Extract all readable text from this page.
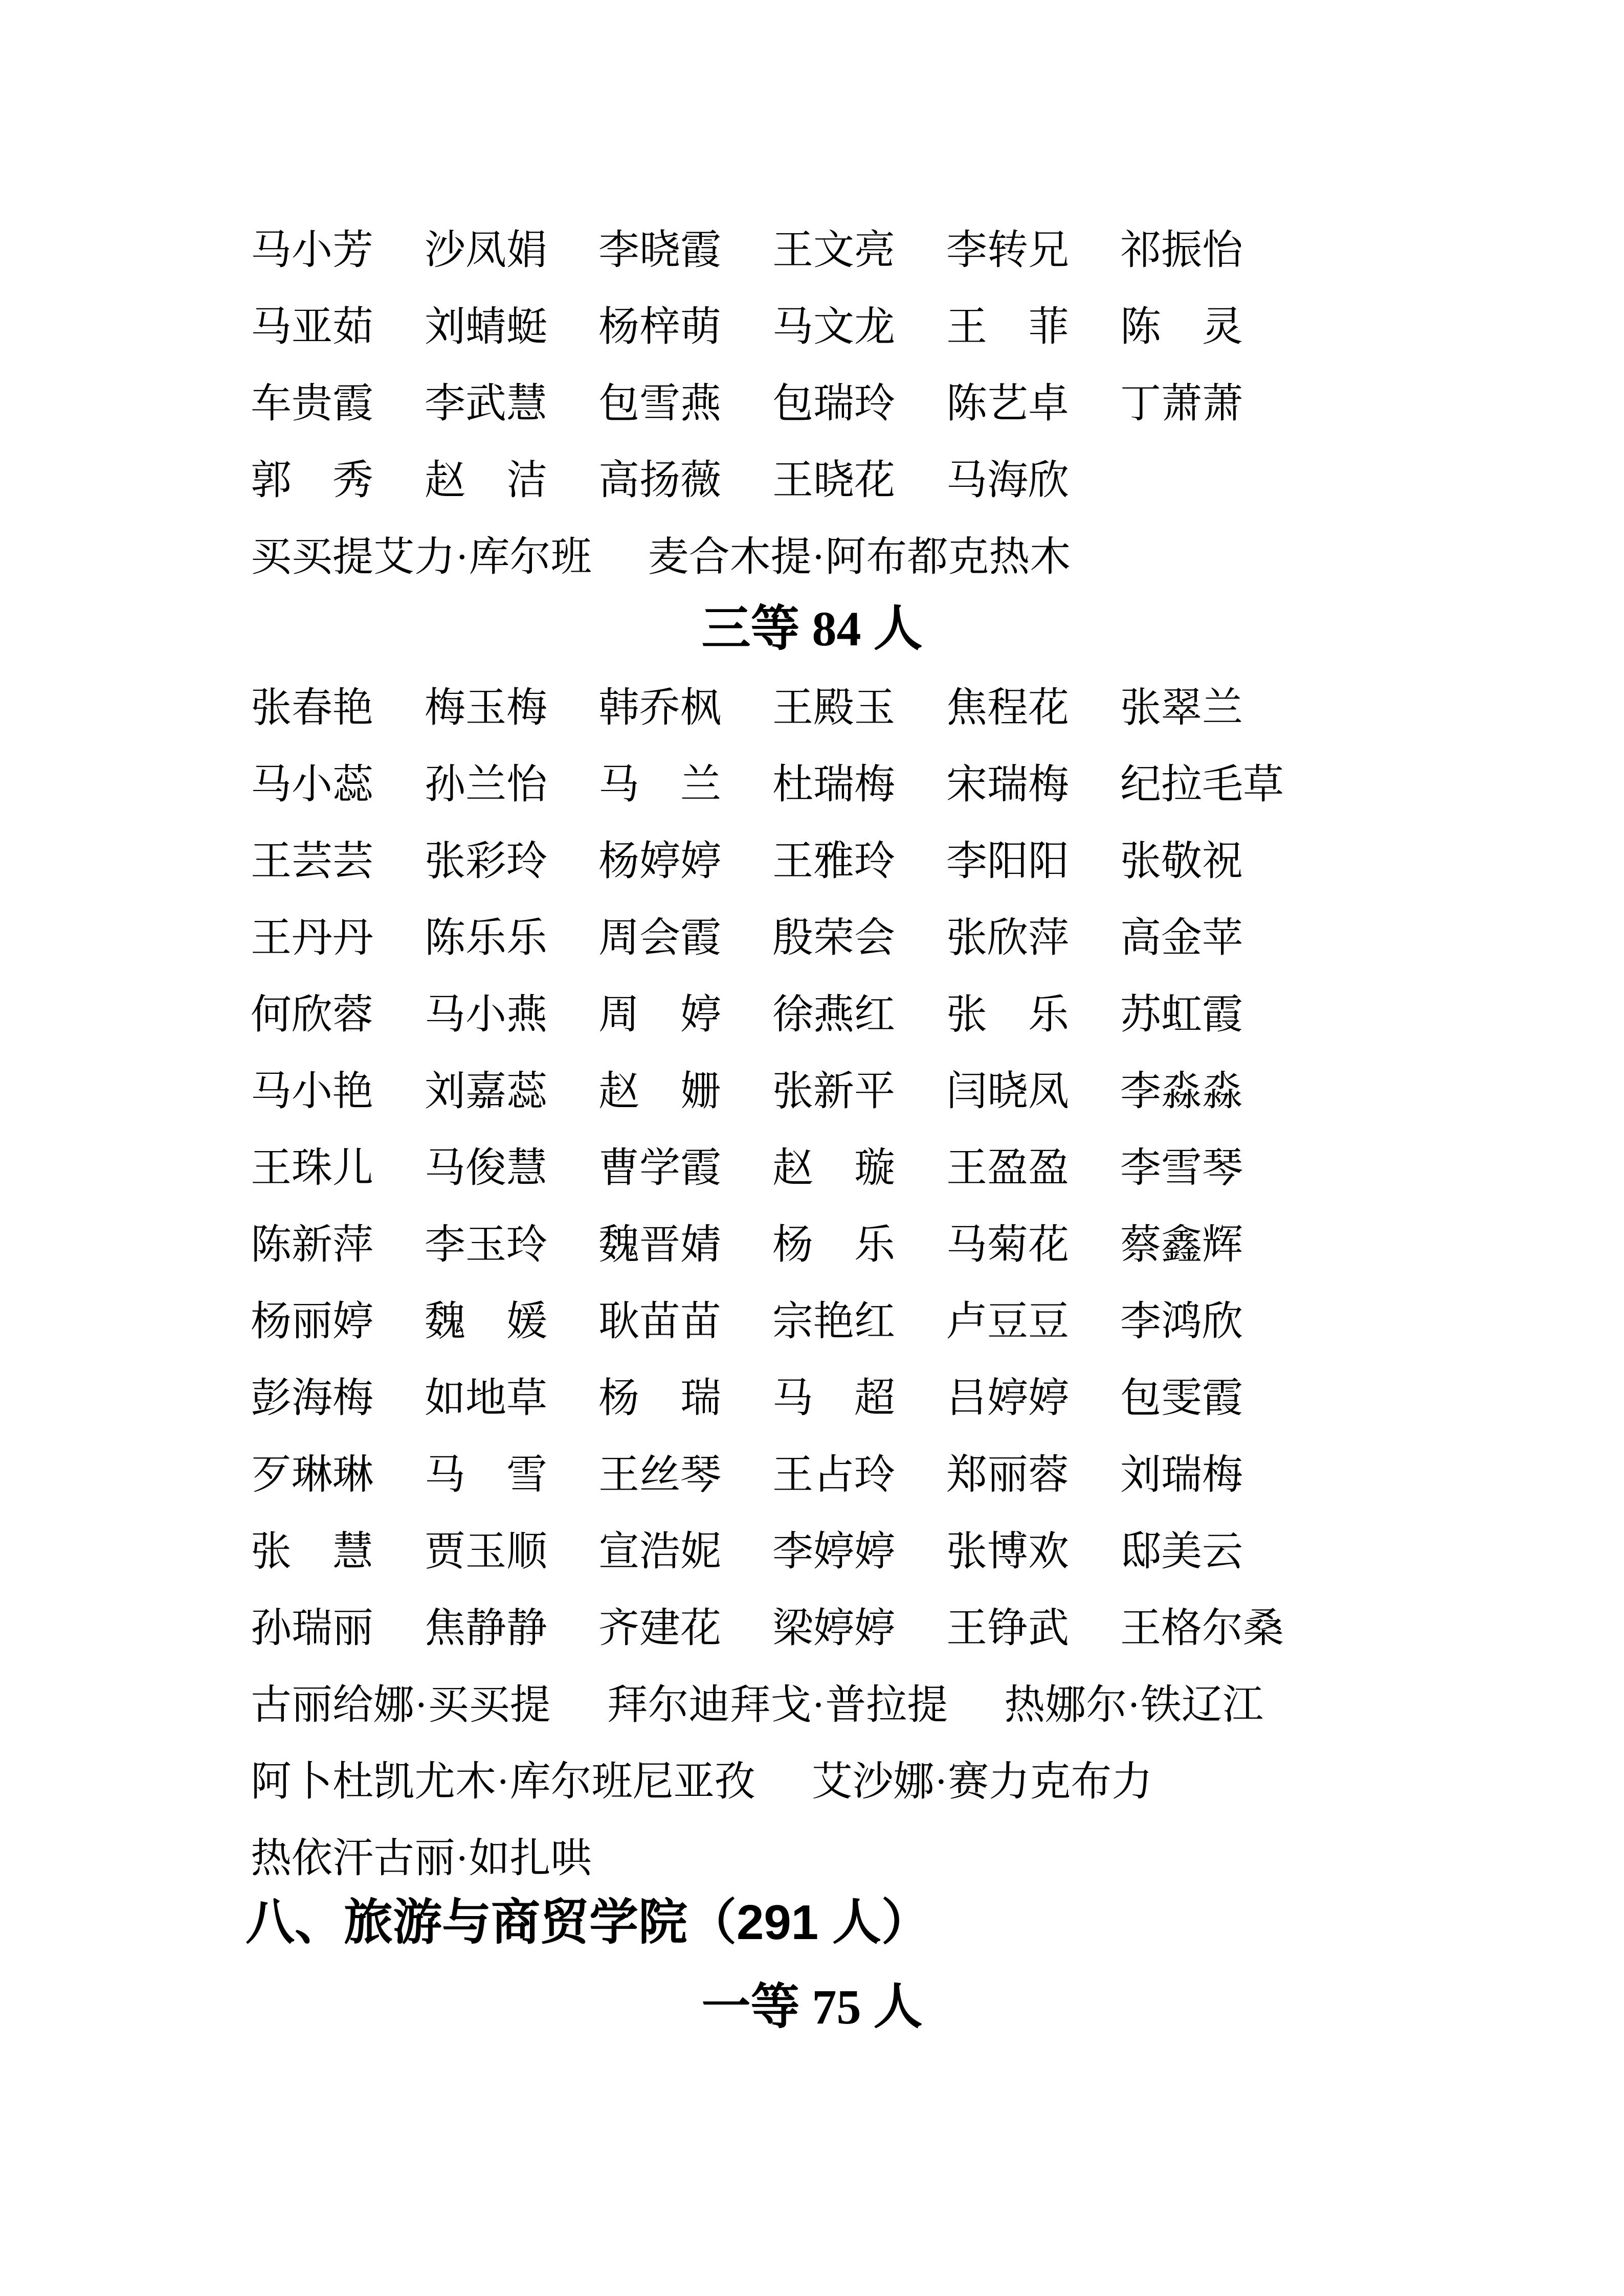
马小芳	沙凤娟	李晓霞	王文亮	李转兄	祁振怡
马亚茹	刘蜻蜓	杨梓萌	马文龙	王　菲	陈　灵
车贵霞	李武慧	包雪燕	包瑞玲	陈艺卓	丁萧萧
郭　秀	赵　洁	高扬薇	王晓花	马海欣
买买提艾力·库尔班 麦合木提·阿布都克热木
三等 84 人
张春艳	梅玉梅	韩乔枫	王殿玉	焦程花	张翠兰
马小蕊	孙兰怡	马　兰	杜瑞梅	宋瑞梅	纪拉毛草
王芸芸	张彩玲	杨婷婷	王雅玲	李阳阳	张敬祝
王丹丹	陈乐乐	周会霞	殷荣会	张欣萍	高金苹
何欣蓉	马小燕	周　婷	徐燕红	张　乐	苏虹霞
马小艳	刘嘉蕊	赵　姗	张新平	闫晓凤	李淼淼
王珠儿	马俊慧	曹学霞	赵　璇	王盈盈	李雪琴
陈新萍	李玉玲	魏晋婧	杨　乐	马菊花	蔡鑫辉
杨丽婷	魏　媛	耿苗苗	宗艳红	卢豆豆	李鸿欣
彭海梅	如地草	杨　瑞	马　超	吕婷婷	包雯霞
歹琳琳	马　雪	王丝琴	王占玲	郑丽蓉	刘瑞梅
张　慧	贾玉顺	宣浩妮	李婷婷	张博欢	邸美云
孙瑞丽	焦静静	齐建花	梁婷婷	王铮武	王格尔桑
古丽给娜·买买提 拜尔迪拜戈·普拉提 热娜尔·铁辽江
阿卜杜凯尤木·库尔班尼亚孜 艾沙娜·赛力克布力
热依汗古丽·如扎哄
八、旅游与商贸学院（291 人）
一等 75 人
